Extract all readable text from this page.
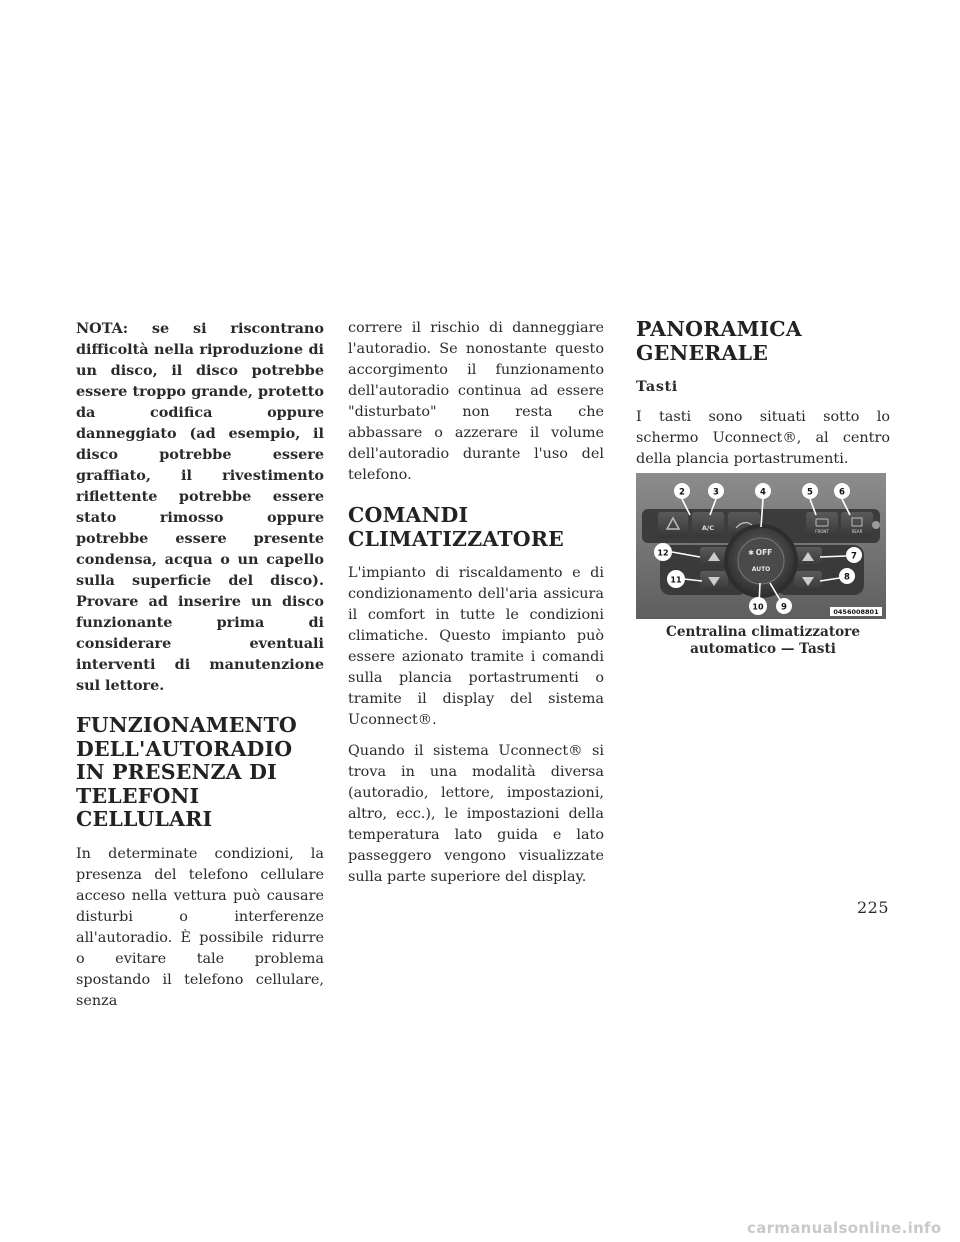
NOTA: se si riscontrano difficoltà nella riproduzione di un disco, il disco potrebbe essere troppo grande, protetto da codifica oppure danneggiato (ad esempio, il disco potrebbe essere graffiato, il rivestimento riflettente potrebbe essere stato rimosso oppure potrebbe essere presente condensa, acqua o un capello sulla superficie del disco). Provare ad inserire un disco funzionante prima di considerare eventuali interventi di manutenzione sul lettore.

FUNZIONAMENTO DELL'AUTORADIO IN PRESENZA DI TELEFONI CELLULARI

In determinate condizioni, la presenza del telefono cellulare acceso nella vettura può causare disturbi o interferenze all'autoradio. È possibile ridurre o evitare tale problema spostando il telefono cellulare, senza

correre il rischio di danneggiare l'autoradio. Se nonostante questo accorgimento il funzionamento dell'autoradio continua ad essere "disturbato" non resta che abbassare o azzerare il volume dell'autoradio durante l'uso del telefono.

COMANDI CLIMATIZZATORE

L'impianto di riscaldamento e di condizionamento dell'aria assicura il comfort in tutte le condizioni climatiche. Questo impianto può essere azionato tramite i comandi sulla plancia portastrumenti o tramite il display del sistema Uconnect®.

Quando il sistema Uconnect® si trova in una modalità diversa (autoradio, lettore, impostazioni, altro, ecc.), le impostazioni della temperatura lato guida e lato passeggero vengono visualizzate sulla parte superiore del display.

PANORAMICA GENERALE
Tasti

I tasti sono situati sotto lo schermo Uconnect®, al centro della plancia portastrumenti.

A/C	FRONT	REAR
OFF
✱
AUTO
2	3	4	5	6
7
8
9
10
11
12
0456008801
Centralina climatizzatore
automatico — Tasti
225
carmanualsonline.info
